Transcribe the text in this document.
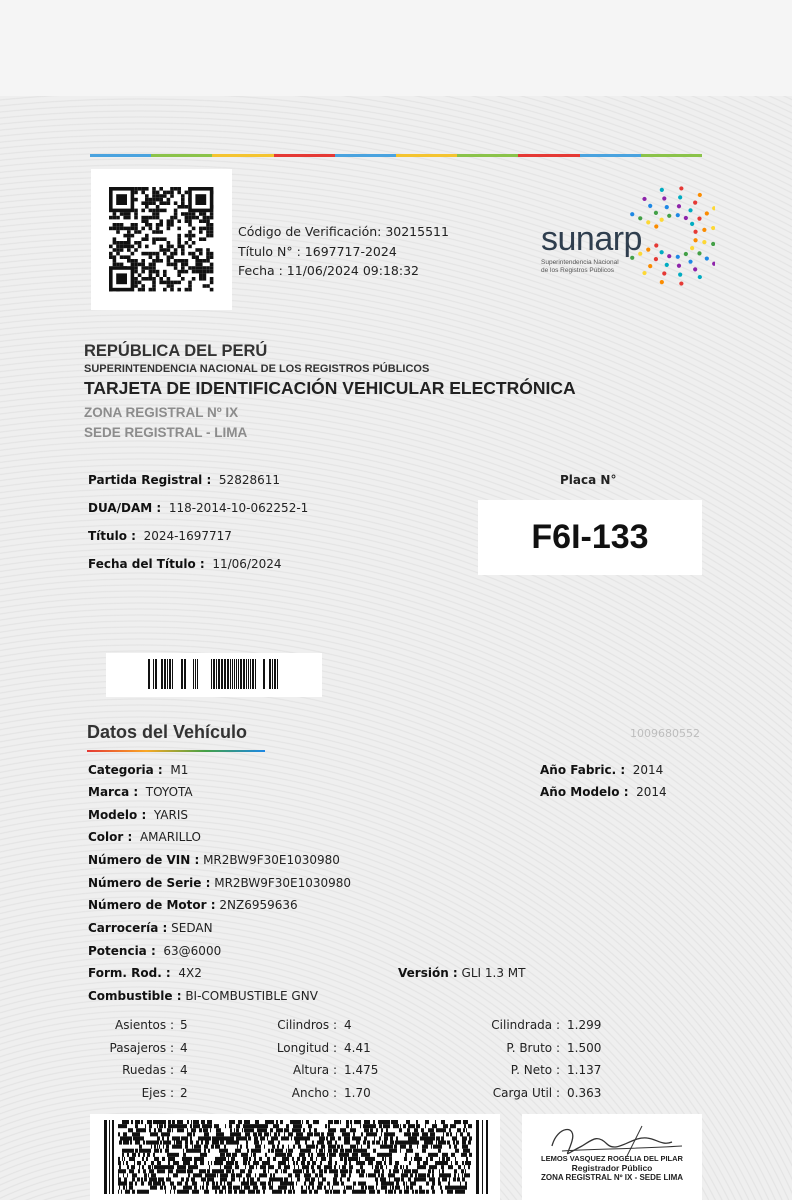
Código de Verificación: 30215511
Título N° : 1697717-2024
Fecha : 11/06/2024 09:18:32
sunarp
Superintendencia Nacional
de los Registros Públicos
REPÚBLICA DEL PERÚ
SUPERINTENDENCIA NACIONAL DE LOS REGISTROS PÚBLICOS
TARJETA DE IDENTIFICACIÓN VEHICULAR ELECTRÓNICA
ZONA REGISTRAL Nº IX
SEDE REGISTRAL - LIMA
Partida Registral : 52828611
DUA/DAM : 118-2014-10-062252-1
Título : 2024-1697717
Fecha del Título : 11/06/2024
Placa N°
F6I-133
Datos del Vehículo	1009680552
Categoria : M1
Marca : TOYOTA
Modelo : YARIS
Color : AMARILLO
Número de VIN : MR2BW9F30E1030980
Número de Serie : MR2BW9F30E1030980
Número de Motor : 2NZ6959636
Carrocería : SEDAN
Potencia : 63@6000
Form. Rod. : 4X2	Versión : GLI 1.3 MT
Combustible : BI-COMBUSTIBLE GNV
Año Fabric. : 2014
Año Modelo : 2014
Asientos : 5
Pasajeros : 4
Ruedas : 4
Ejes : 2
Cilindros : 4
Longitud : 4.41
Altura : 1.475
Ancho : 1.70
Cilindrada : 1.299
P. Bruto : 1.500
P. Neto : 1.137
Carga Util : 0.363
LEMOS VASQUEZ ROGELIA DEL PILAR
Registrador Público
ZONA REGISTRAL Nº IX - SEDE LIMA
